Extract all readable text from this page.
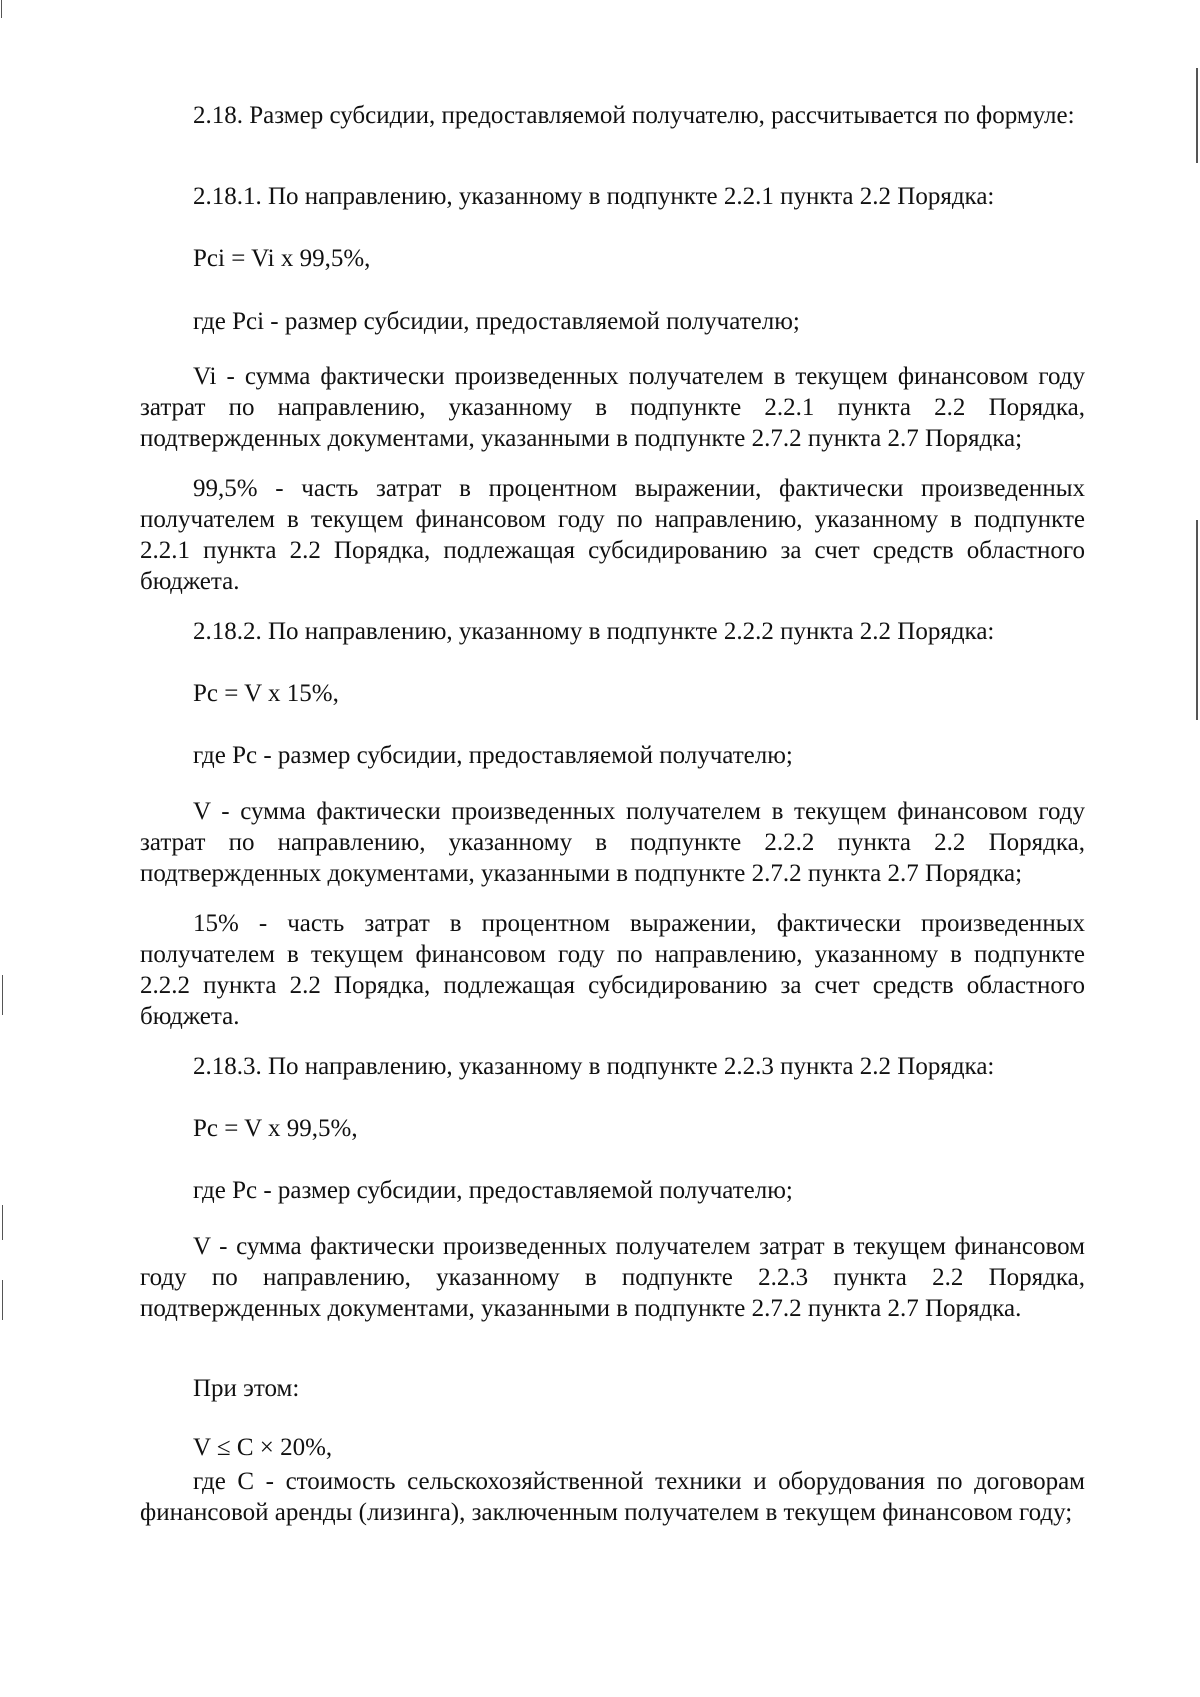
2.18. Размер субсидии, предоставляемой получателю, рассчитывается по формуле:

2.18.1. По направлению, указанному в подпункте 2.2.1 пункта 2.2 Порядка:

Pci = Vi x 99,5%,

где Pci - размер субсидии, предоставляемой получателю;

Vi - сумма фактически произведенных получателем в текущем финансовом году затрат по направлению, указанному в подпункте 2.2.1 пункта 2.2 Порядка, подтвержденных документами, указанными в подпункте 2.7.2 пункта 2.7 Порядка;

99,5% - часть затрат в процентном выражении, фактически произведенных получателем в текущем финансовом году по направлению, указанному в подпункте 2.2.1 пункта 2.2 Порядка, подлежащая субсидированию за счет средств областного бюджета.

2.18.2. По направлению, указанному в подпункте 2.2.2 пункта 2.2 Порядка:

Pc = V x 15%,

где Pc - размер субсидии, предоставляемой получателю;

V - сумма фактически произведенных получателем в текущем финансовом году затрат по направлению, указанному в подпункте 2.2.2 пункта 2.2 Порядка, подтвержденных документами, указанными в подпункте 2.7.2 пункта 2.7 Порядка;

15% - часть затрат в процентном выражении, фактически произведенных получателем в текущем финансовом году по направлению, указанному в подпункте 2.2.2 пункта 2.2 Порядка, подлежащая субсидированию за счет средств областного бюджета.

2.18.3. По направлению, указанному в подпункте 2.2.3 пункта 2.2 Порядка:

Pc = V x 99,5%,

где Pc - размер субсидии, предоставляемой получателю;

V - сумма фактически произведенных получателем затрат в текущем финансовом году по направлению, указанному в подпункте 2.2.3 пункта 2.2 Порядка, подтвержденных документами, указанными в подпункте 2.7.2 пункта 2.7 Порядка.

При этом:

V ≤ C × 20%,

где C - стоимость сельскохозяйственной техники и оборудования по договорам финансовой аренды (лизинга), заключенным получателем в текущем финансовом году;
